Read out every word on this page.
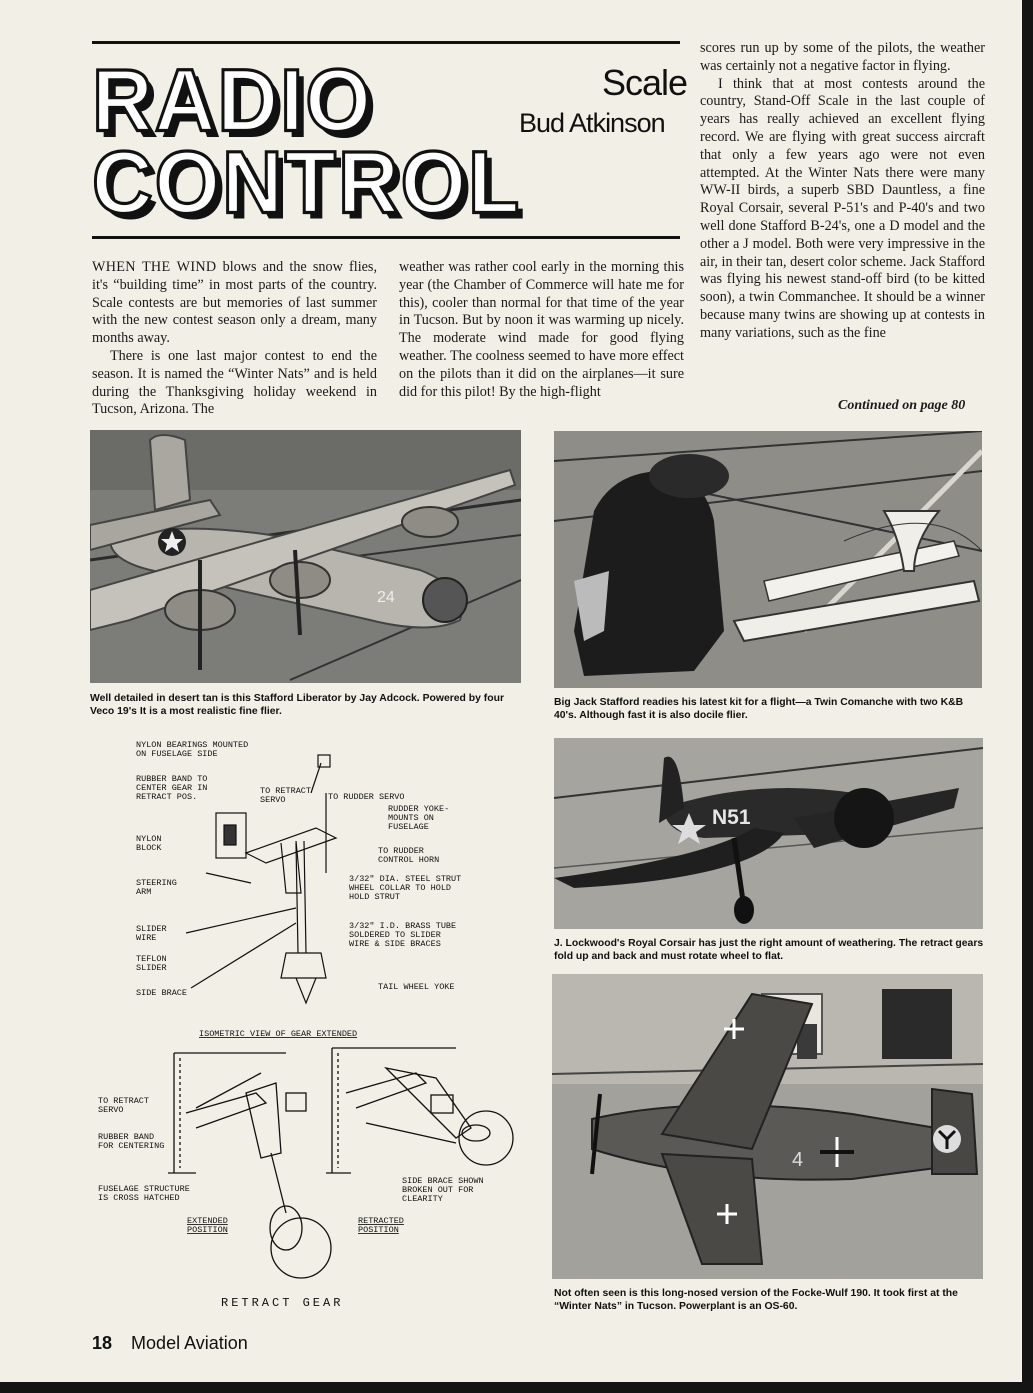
RADIO
CONTROL
Scale
Bud Atkinson

WHEN THE WIND blows and the snow flies, it's “building time” in most parts of the country. Scale contests are but memories of last summer with the new contest season only a dream, many months away.

There is one last major contest to end the season. It is named the “Winter Nats” and is held during the Thanksgiving holiday weekend in Tucson, Arizona. The

weather was rather cool early in the morning this year (the Chamber of Commerce will hate me for this), cooler than normal for that time of the year in Tucson. But by noon it was warming up nicely. The moderate wind made for good flying weather. The coolness seemed to have more effect on the pilots than it did on the airplanes—it sure did for this pilot! By the high-flight

scores run up by some of the pilots, the weather was certainly not a negative factor in flying.

I think that at most contests around the country, Stand-Off Scale in the last couple of years has really achieved an excellent flying record. We are flying with great success aircraft that only a few years ago were not even attempted. At the Winter Nats there were many WW-II birds, a superb SBD Dauntless, a fine Royal Corsair, several P-51's and P-40's and two well done Stafford B-24's, one a D model and the other a J model. Both were very impressive in the air, in their tan, desert color scheme. Jack Stafford was flying his newest stand-off bird (to be kitted soon), a twin Commanchee. It should be a winner because many twins are showing up at contests in many variations, such as the fine

Continued on page 80
24
Well detailed in desert tan is this Stafford Liberator by Jay Adcock. Powered by four Veco 19's It is a most realistic fine flier.
Big Jack Stafford readies his latest kit for a flight—a Twin Comanche with two K&B 40's. Although fast it is also docile flier.
N51
J. Lockwood's Royal Corsair has just the right amount of weathering. The retract gears fold up and back and must rotate wheel to flat.
4
Not often seen is this long-nosed version of the Focke-Wulf 190. It took first at the “Winter Nats” in Tucson. Powerplant is an OS-60.
NYLON BEARINGS MOUNTED ON FUSELAGE SIDE
RUBBER BAND TO CENTER GEAR IN RETRACT POS.
TO RETRACT SERVO	TO RUDDER SERVO
RUDDER YOKE-MOUNTS ON FUSELAGE
NYLON BLOCK	TO RUDDER CONTROL HORN
STEERING ARM
3/32" DIA. STEEL STRUT WHEEL COLLAR TO HOLD HOLD STRUT
SLIDER WIRE
3/32" I.D. BRASS TUBE SOLDERED TO SLIDER WIRE & SIDE BRACES
TEFLON SLIDER
SIDE BRACE
TAIL WHEEL YOKE
ISOMETRIC VIEW OF GEAR EXTENDED
TO RETRACT SERVO
RUBBER BAND FOR CENTERING
FUSELAGE STRUCTURE IS CROSS HATCHED
SIDE BRACE SHOWN BROKEN OUT FOR CLEARITY
EXTENDED POSITION
RETRACTED POSITION
RETRACT GEAR
18 Model Aviation
